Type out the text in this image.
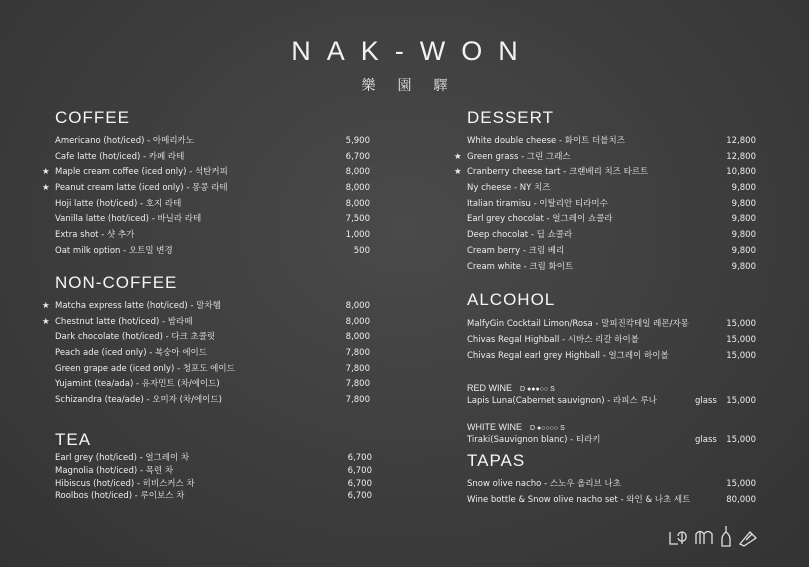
NAK-WON
樂園驛
COFFEE
Americano (hot/iced) - 아메리카노	5,900
Cafe latte (hot/iced) - 카페 라테	6,700
★ Maple cream coffee (iced only) - 석탄커피	8,000
★ Peanut cream latte (iced only) - 몽콩 라테	8,000
Hoji latte (hot/iced) - 호지 라테	8,000
Vanilla latte (hot/iced) - 바닐라 라테	7,500
Extra shot - 샷 추가	1,000
Oat milk option - 오트밀 변경	500
NON-COFFEE
★ Matcha express latte (hot/iced) - 말차햄	8,000
★ Chestnut latte (hot/iced) - 밤라떼	8,000
Dark chocolate (hot/iced) - 다크 초콜릿	8,000
Peach ade (iced only) - 복숭아 에이드	7,800
Green grape ade (iced only) - 청포도 에이드	7,800
Yujamint (tea/ada) - 유자민트 (차/에이드)	7,800
Schizandra (tea/ade) - 오미자 (차/에이드)	7,800
TEA
Earl grey (hot/iced) - 얼그레이 차	6,700
Magnolia (hot/iced) - 목련 차	6,700
Hibiscus (hot/iced) - 히비스커스 차	6,700
Roolbos (hot/iced) - 루이보스 차	6,700
DESSERT
White double cheese - 화이트 더블치즈	12,800
★ Green grass - 그린 그래스	12,800
★ Cranberry cheese tart - 크랜베리 치즈 타르트	10,800
Ny cheese - NY 치즈	9,800
Italian tiramisu - 이탈리안 티라미수	9,800
Earl grey chocolat - 얼그레이 쇼콜라	9,800
Deep chocolat - 딥 쇼콜라	9,800
Cream berry - 크림 베리	9,800
Cream white - 크림 화이트	9,800
ALCOHOL
MalfyGin Cocktail Limon/Rosa - 말피진칵테일 레몬/자몽	15,000
Chivas Regal Highball - 시바스 리갈 하이볼	15,000
Chivas Regal earl grey Highball - 얼그레이 하이볼	15,000
RED WINE D ●●●○○ S
Lapis Luna(Cabernet sauvignon) - 라피스 루나	glass	15,000
WHITE WINE D ●○○○○ S
Tiraki(Sauvignon blanc) - 티라키	glass	15,000
TAPAS
Snow olive nacho - 스노우 올리브 나초	15,000
Wine bottle & Snow olive nacho set - 와인 & 나초 세트	80,000
